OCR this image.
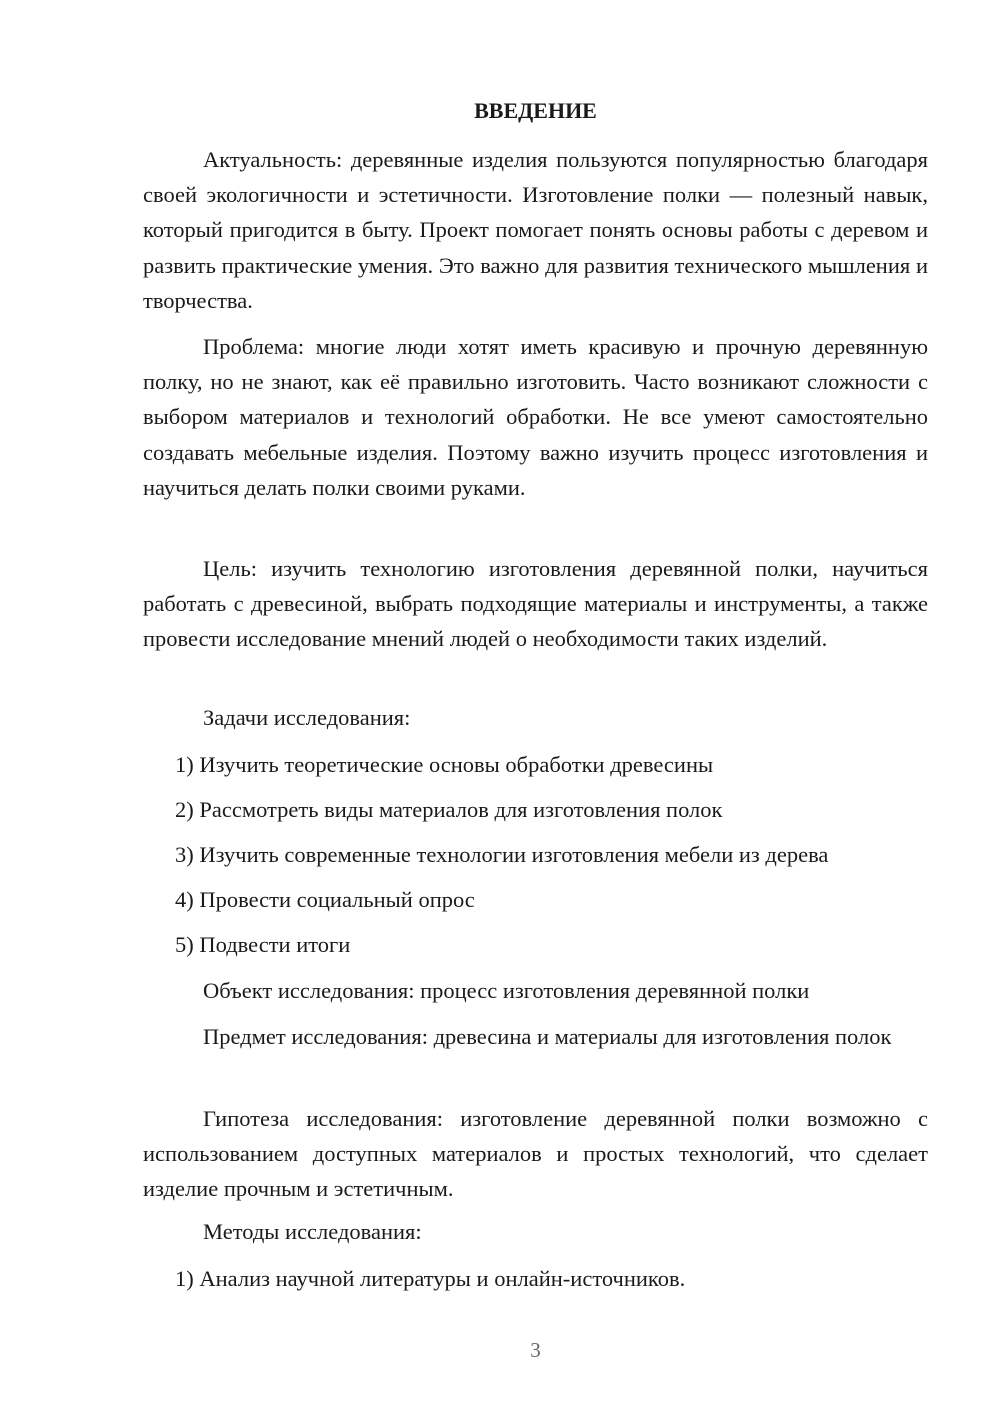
ВВЕДЕНИЕ

Актуальность: деревянные изделия пользуются популярностью благодаря своей экологичности и эстетичности. Изготовление полки — полезный навык, который пригодится в быту. Проект помогает понять основы работы с деревом и развить практические умения. Это важно для развития технического мышления и творчества.

Проблема: многие люди хотят иметь красивую и прочную деревянную полку, но не знают, как её правильно изготовить. Часто возникают сложности с выбором материалов и технологий обработки. Не все умеют самостоятельно создавать мебельные изделия. Поэтому важно изучить процесс изготовления и научиться делать полки своими руками.

Цель: изучить технологию изготовления деревянной полки, научиться работать с древесиной, выбрать подходящие материалы и инструменты, а также провести исследование мнений людей о необходимости таких изделий.

Задачи исследования:
1) Изучить теоретические основы обработки древесины
2) Рассмотреть виды материалов для изготовления полок
3) Изучить современные технологии изготовления мебели из дерева
4) Провести социальный опрос
5) Подвести итоги
Объект исследования: процесс изготовления деревянной полки

Предмет исследования: древесина и материалы для изготовления полок

Гипотеза исследования: изготовление деревянной полки возможно с использованием доступных материалов и простых технологий, что сделает изделие прочным и эстетичным.

Методы исследования:
1) Анализ научной литературы и онлайн-источников.
3
